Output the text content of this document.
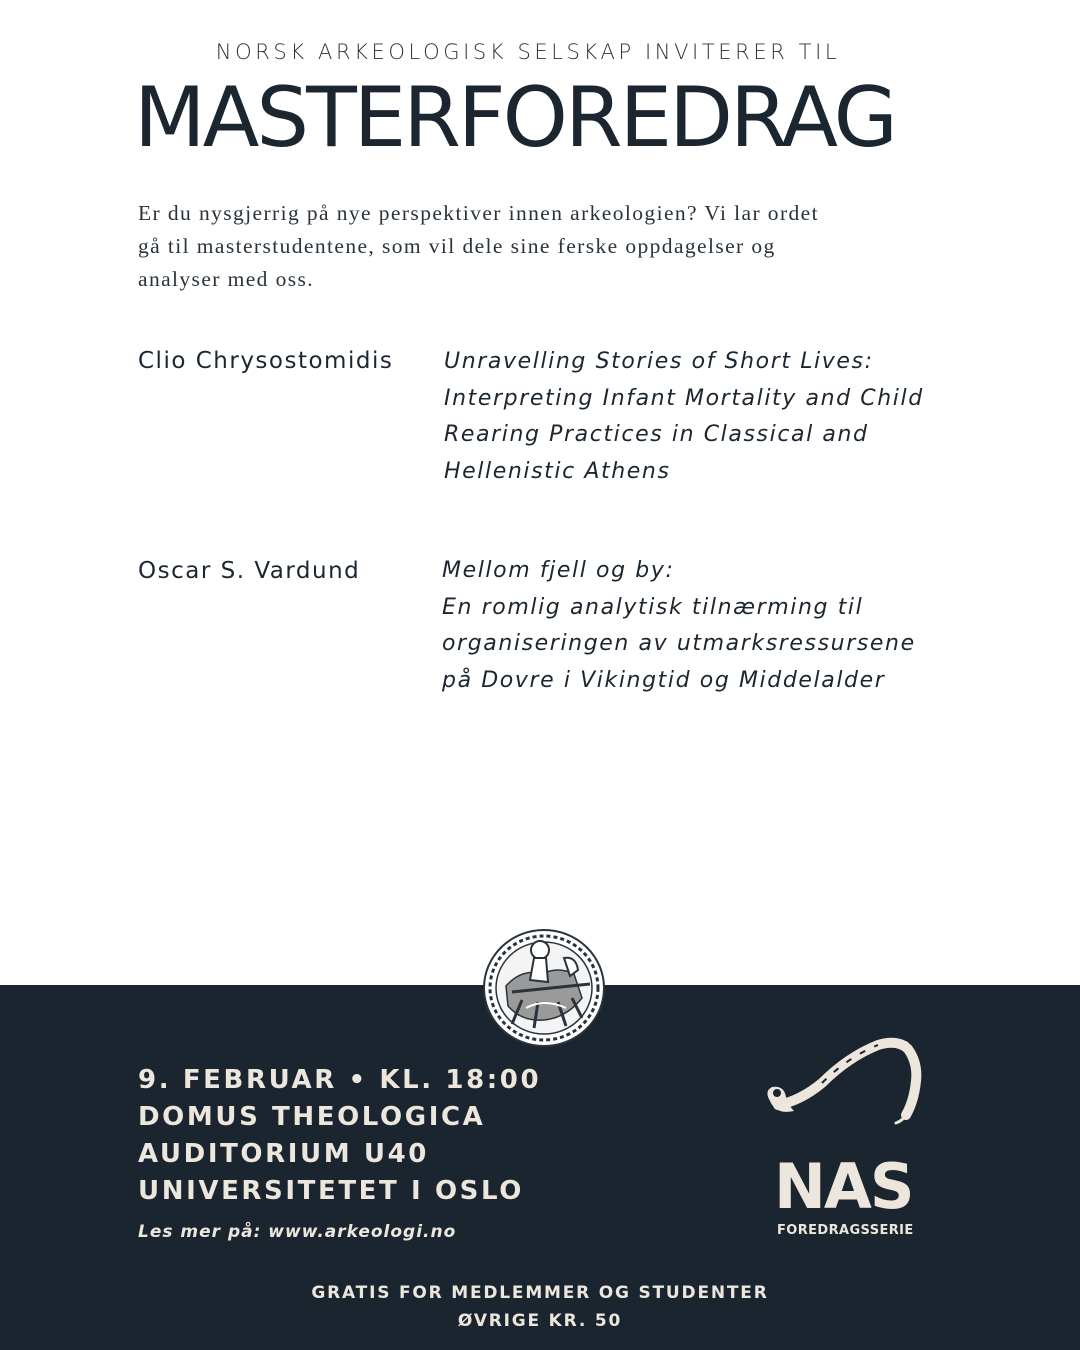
NORSK ARKEOLOGISK SELSKAP INVITERER TIL
MASTERFOREDRAG
Er du nysgjerrig på nye perspektiver innen arkeologien? Vi lar ordet
gå til masterstudentene, som vil dele sine ferske oppdagelser og
analyser med oss.
Clio Chrysostomidis	Unravelling Stories of Short Lives:
Interpreting Infant Mortality and Child
Rearing Practices in Classical and
Hellenistic Athens
Oscar S. Vardund	Mellom fjell og by:
En romlig analytisk tilnærming til
organiseringen av utmarksressursene
på Dovre i Vikingtid og Middelalder
9. FEBRUAR • KL. 18:00
DOMUS THEOLOGICA
AUDITORIUM U40
UNIVERSITETET I OSLO
Les mer på: www.arkeologi.no
GRATIS FOR MEDLEMMER OG STUDENTER
ØVRIGE KR. 50
NAS
FOREDRAGSSERIE
